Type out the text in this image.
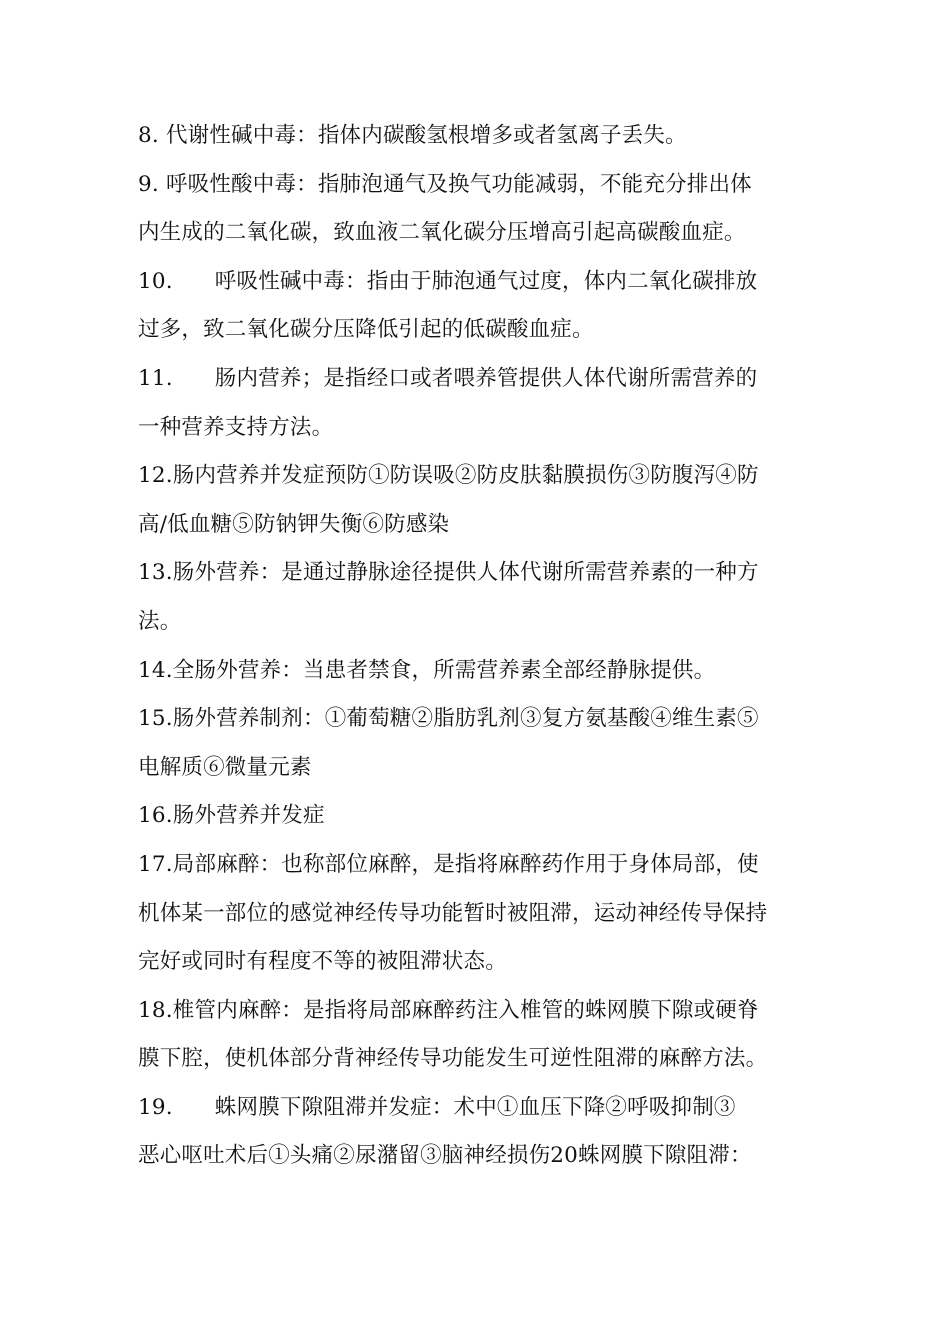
8. 代谢性碱中毒：指体内碳酸氢根增多或者氢离子丢失。
9. 呼吸性酸中毒：指肺泡通气及换气功能减弱，不能充分排出体
内生成的二氧化碳，致血液二氧化碳分压增高引起高碳酸血症。
10. 呼吸性碱中毒：指由于肺泡通气过度，体内二氧化碳排放
过多，致二氧化碳分压降低引起的低碳酸血症。
11. 肠内营养；是指经口或者喂养管提供人体代谢所需营养的
一种营养支持方法。
12.肠内营养并发症预防①防误吸②防皮肤黏膜损伤③防腹泻④防
高/低血糖⑤防钠钾失衡⑥防感染
13.肠外营养：是通过静脉途径提供人体代谢所需营养素的一种方
法。
14.全肠外营养：当患者禁食，所需营养素全部经静脉提供。
15.肠外营养制剂：①葡萄糖②脂肪乳剂③复方氨基酸④维生素⑤
电解质⑥微量元素
16.肠外营养并发症
17.局部麻醉：也称部位麻醉，是指将麻醉药作用于身体局部，使
机体某一部位的感觉神经传导功能暂时被阻滞，运动神经传导保持
完好或同时有程度不等的被阻滞状态。
18.椎管内麻醉：是指将局部麻醉药注入椎管的蛛网膜下隙或硬脊
膜下腔，使机体部分背神经传导功能发生可逆性阻滞的麻醉方法。
19. 蛛网膜下隙阻滞并发症：术中①血压下降②呼吸抑制③
恶心呕吐术后①头痛②尿潴留③脑神经损伤20蛛网膜下隙阻滞：
